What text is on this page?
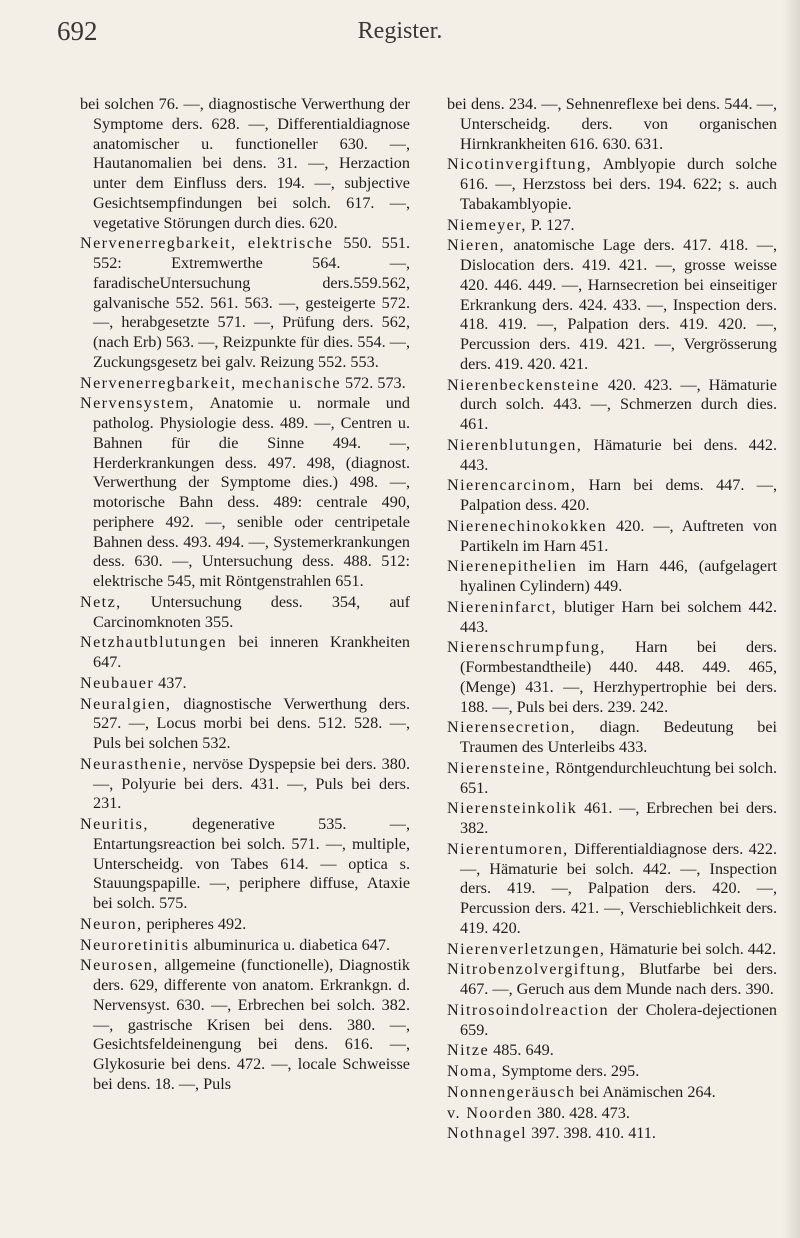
692	Register.
bei solchen 76. —, diagnostische Verwerthung der Symptome ders. 628. —, Differentialdiagnose anatomischer u. functioneller 630. —, Hautanomalien bei dens. 31. —, Herzaction unter dem Einfluss ders. 194. —, subjective Gesichtsempfindungen bei solch. 617. —, vegetative Störungen durch dies. 620.
Nervenerregbarkeit, elektrische 550. 551. 552: Extremwerthe 564. —, faradischeUntersuchung ders.559.562, galvanische 552. 561. 563. —, gesteigerte 572. —, herabgesetzte 571. —, Prüfung ders. 562, (nach Erb) 563. —, Reizpunkte für dies. 554. —, Zuckungsgesetz bei galv. Reizung 552. 553.
Nervenerregbarkeit, mechanische 572. 573.
Nervensystem, Anatomie u. normale und patholog. Physiologie dess. 489. —, Centren u. Bahnen für die Sinne 494. —, Herderkrankungen dess. 497. 498, (diagnost. Verwerthung der Symptome dies.) 498. —, motorische Bahn dess. 489: centrale 490, periphere 492. —, senible oder centripetale Bahnen dess. 493. 494. —, Systemerkrankungen dess. 630. —, Untersuchung dess. 488. 512: elektrische 545, mit Röntgenstrahlen 651.
Netz, Untersuchung dess. 354, auf Carcinomknoten 355.
Netzhautblutungen bei inneren Krankheiten 647.
Neubauer 437.
Neuralgien, diagnostische Verwerthung ders. 527. —, Locus morbi bei dens. 512. 528. —, Puls bei solchen 532.
Neurasthenie, nervöse Dyspepsie bei ders. 380. —, Polyurie bei ders. 431. —, Puls bei ders. 231.
Neuritis, degenerative 535. —, Entartungsreaction bei solch. 571. —, multiple, Unterscheidg. von Tabes 614. — optica s. Stauungspapille. —, periphere diffuse, Ataxie bei solch. 575.
Neuron, peripheres 492.
Neuroretinitis albuminurica u. diabetica 647.
Neurosen, allgemeine (functionelle), Diagnostik ders. 629, differente von anatom. Erkrankgn. d. Nervensyst. 630. —, Erbrechen bei solch. 382. —, gastrische Krisen bei dens. 380. —, Gesichtsfeldeinengung bei dens. 616. —, Glykosurie bei dens. 472. —, locale Schweisse bei dens. 18. —, Puls
bei dens. 234. —, Sehnenreflexe bei dens. 544. —, Unterscheidg. ders. von organischen Hirnkrankheiten 616. 630. 631.
Nicotinvergiftung, Amblyopie durch solche 616. —, Herzstoss bei ders. 194. 622; s. auch Tabakamblyopie.
Niemeyer, P. 127.
Nieren, anatomische Lage ders. 417. 418. —, Dislocation ders. 419. 421. —, grosse weisse 420. 446. 449. —, Harnsecretion bei einseitiger Erkrankung ders. 424. 433. —, Inspection ders. 418. 419. —, Palpation ders. 419. 420. —, Percussion ders. 419. 421. —, Vergrösserung ders. 419. 420. 421.
Nierenbeckensteine 420. 423. —, Hämaturie durch solch. 443. —, Schmerzen durch dies. 461.
Nierenblutungen, Hämaturie bei dens. 442. 443.
Nierencarcinom, Harn bei dems. 447. —, Palpation dess. 420.
Nierenechinokokken 420. —, Auftreten von Partikeln im Harn 451.
Nierenepithelien im Harn 446, (aufgelagert hyalinen Cylindern) 449.
Niereninfarct, blutiger Harn bei solchem 442. 443.
Nierenschrumpfung, Harn bei ders. (Formbestandtheile) 440. 448. 449. 465, (Menge) 431. —, Herzhypertrophie bei ders. 188. —, Puls bei ders. 239. 242.
Nierensecretion, diagn. Bedeutung bei Traumen des Unterleibs 433.
Nierensteine, Röntgendurchleuchtung bei solch. 651.
Nierensteinkolik 461. —, Erbrechen bei ders. 382.
Nierentumoren, Differentialdiagnose ders. 422. —, Hämaturie bei solch. 442. —, Inspection ders. 419. —, Palpation ders. 420. —, Percussion ders. 421. —, Verschieblichkeit ders. 419. 420.
Nierenverletzungen, Hämaturie bei solch. 442.
Nitrobenzolvergiftung, Blutfarbe bei ders. 467. —, Geruch aus dem Munde nach ders. 390.
Nitrosoindolreaction der Cholera-dejectionen 659.
Nitze 485. 649.
Noma, Symptome ders. 295.
Nonnengeräusch bei Anämischen 264.
v. Noorden 380. 428. 473.
Nothnagel 397. 398. 410. 411.
